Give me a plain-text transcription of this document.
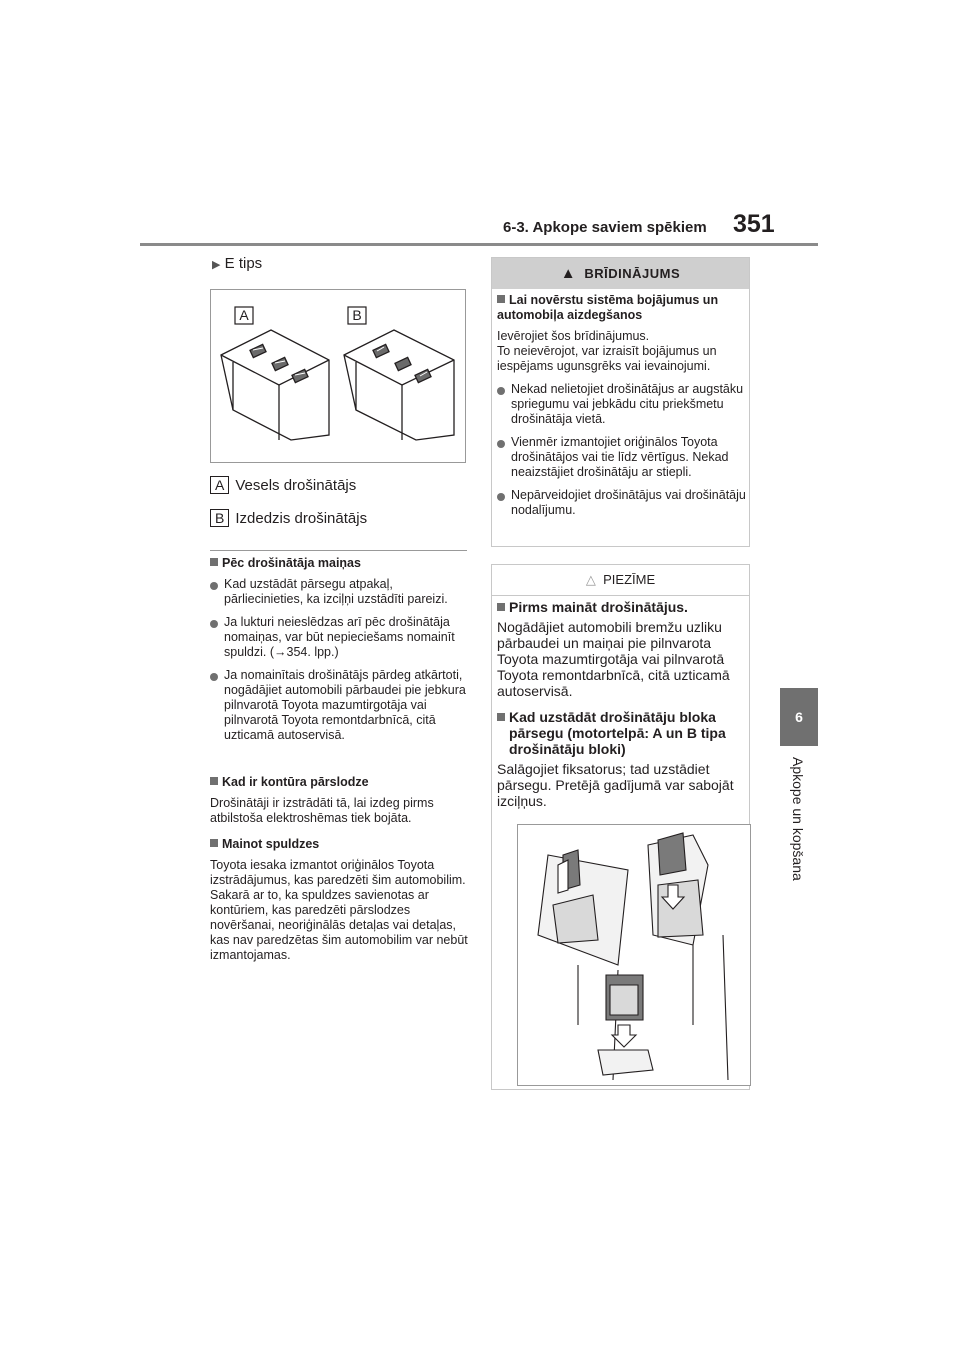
6-3. Apkope saviem spēkiem 351
6
Apkope un kopšana
▶ E tips
A	B
A Vesels drošinātājs
B Izdedzis drošinātājs
Pēc drošinātāja maiņas
Kad uzstādāt pārsegu atpakaļ, pārliecinieties, ka izciļņi uzstādīti pareizi.
Ja lukturi neieslēdzas arī pēc drošinātāja nomaiņas, var būt nepieciešams nomainīt spuldzi. (→354. lpp.)
Ja nomainītais drošinātājs pārdeg atkārtoti, nogādājiet automobili pārbaudei pie jebkura pilnvarotā Toyota mazumtirgotāja vai pilnvarotā Toyota remontdarbnīcā, citā uzticamā autoservisā.
Kad ir kontūra pārslodze
Drošinātāji ir izstrādāti tā, lai izdeg pirms atbilstoša elektroshēmas tiek bojāta.
Mainot spuldzes
Toyota iesaka izmantot oriģinālos Toyota izstrādājumus, kas paredzēti šim automobilim.
Sakarā ar to, ka spuldzes savienotas ar kontūriem, kas paredzēti pārslodzes novēršanai, neoriģinālās detaļas vai detaļas, kas nav paredzētas šim automobilim var nebūt izmantojamas.
▲ BRĪDINĀJUMS
Lai novērstu sistēma bojājumus un automobiļa aizdegšanos
Ievērojiet šos brīdinājumus.
To neievērojot, var izraisīt bojājumus un iespējams ugunsgrēks vai ievainojumi.
Nekad nelietojiet drošinātājus ar augstāku spriegumu vai jebkādu citu priekšmetu drošinātāja vietā.
Vienmēr izmantojiet oriģinālos Toyota drošinātājos vai tie līdz vērtīgus. Nekad neaizstājiet drošinātāju ar stiepli.
Nepārveidojiet drošinātājus vai drošinātāju nodalījumu.
△ PIEZĪME
Pirms maināt drošinātājus.
Nogādājiet automobili bremžu uzliku pārbaudei un maiņai pie pilnvarota Toyota mazumtirgotāja vai pilnvarotā Toyota remontdarbnīcā, citā uzticamā autoservisā.
Kad uzstādāt drošinātāju bloka pārsegu (motortelpā: A un B tipa drošinātāju bloki)
Salāgojiet fiksatorus; tad uzstādiet pārsegu. Pretējā gadījumā var sabojāt izciļņus.
